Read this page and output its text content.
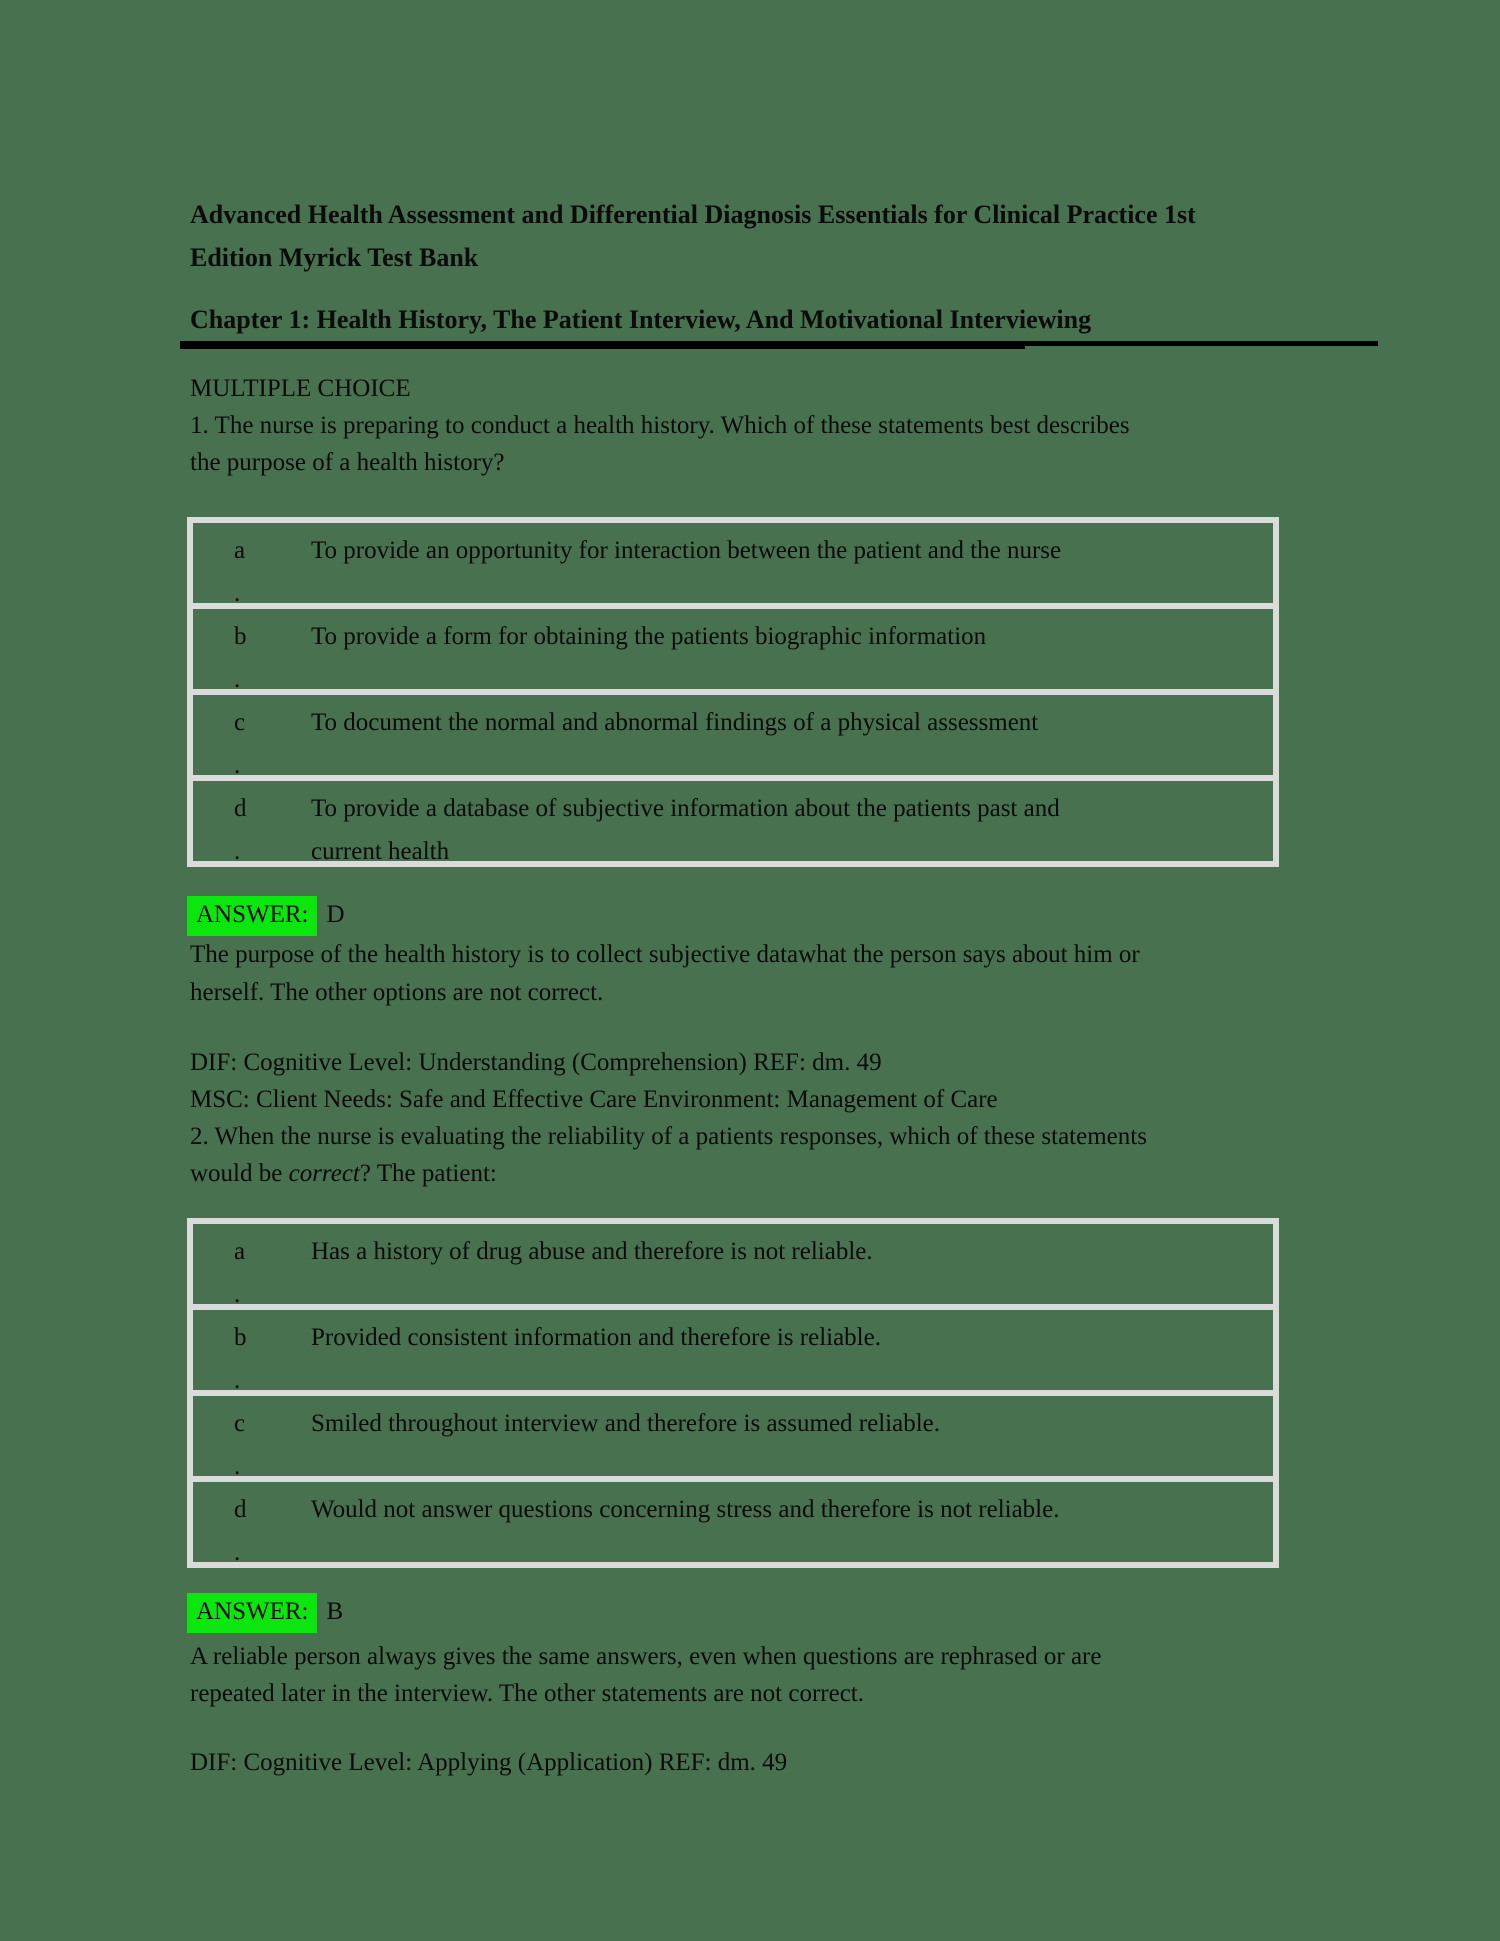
Advanced Health Assessment and Differential Diagnosis Essentials for Clinical Practice 1st
Edition Myrick Test Bank
Chapter 1: Health History, The Patient Interview, And Motivational Interviewing
MULTIPLE CHOICE
1. The nurse is preparing to conduct a health history. Which of these statements best describes
the purpose of a health history?
a
.
To provide an opportunity for interaction between the patient and the nurse
b
.
To provide a form for obtaining the patients biographic information
c
.
To document the normal and abnormal findings of a physical assessment
d
.
To provide a database of subjective information about the patients past and
current health
ANSWER: D
The purpose of the health history is to collect subjective datawhat the person says about him or
herself. The other options are not correct.
DIF: Cognitive Level: Understanding (Comprehension) REF: dm. 49
MSC: Client Needs: Safe and Effective Care Environment: Management of Care
2. When the nurse is evaluating the reliability of a patients responses, which of these statements
would be correct? The patient:
a
.
Has a history of drug abuse and therefore is not reliable.
b
.
Provided consistent information and therefore is reliable.
c
.
Smiled throughout interview and therefore is assumed reliable.
d
.
Would not answer questions concerning stress and therefore is not reliable.
ANSWER: B
A reliable person always gives the same answers, even when questions are rephrased or are
repeated later in the interview. The other statements are not correct.
DIF: Cognitive Level: Applying (Application) REF: dm. 49
